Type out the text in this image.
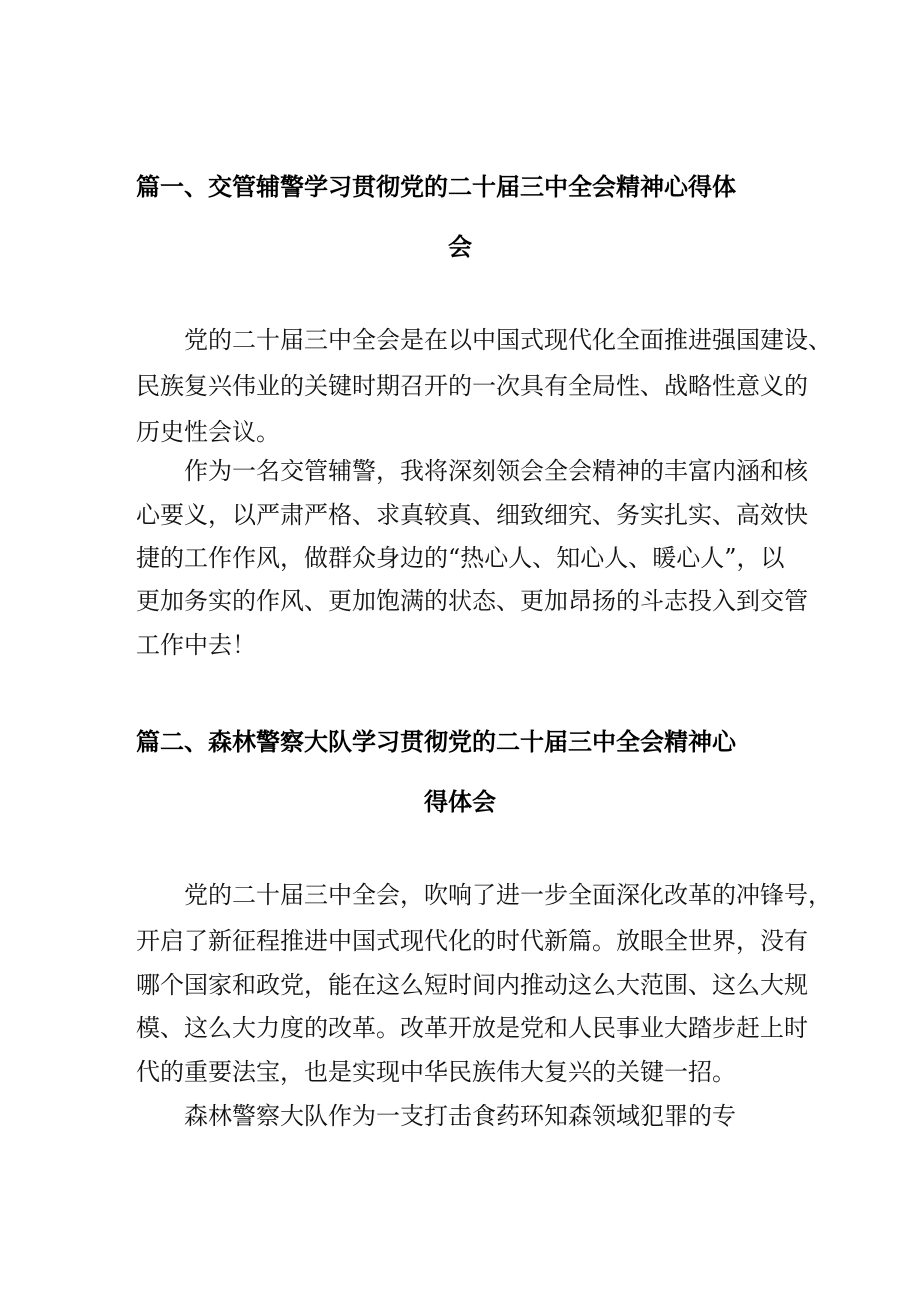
篇一、交管辅警学习贯彻党的二十届三中全会精神心得体
会
党的二十届三中全会是在以中国式现代化全面推进强国建设、
民族复兴伟业的关键时期召开的一次具有全局性、战略性意义的
历史性会议。
作为一名交管辅警，我将深刻领会全会精神的丰富内涵和核
心要义，以严肃严格、求真较真、细致细究、务实扎实、高效快
捷的工作作风，做群众身边的“热心人、知心人、暖心人”，以
更加务实的作风、更加饱满的状态、更加昂扬的斗志投入到交管
工作中去！
篇二、森林警察大队学习贯彻党的二十届三中全会精神心
得体会
党的二十届三中全会，吹响了进一步全面深化改革的冲锋号，
开启了新征程推进中国式现代化的时代新篇。放眼全世界，没有
哪个国家和政党，能在这么短时间内推动这么大范围、这么大规
模、这么大力度的改革。改革开放是党和人民事业大踏步赶上时
代的重要法宝，也是实现中华民族伟大复兴的关键一招。
森林警察大队作为一支打击食药环知森领域犯罪的专
